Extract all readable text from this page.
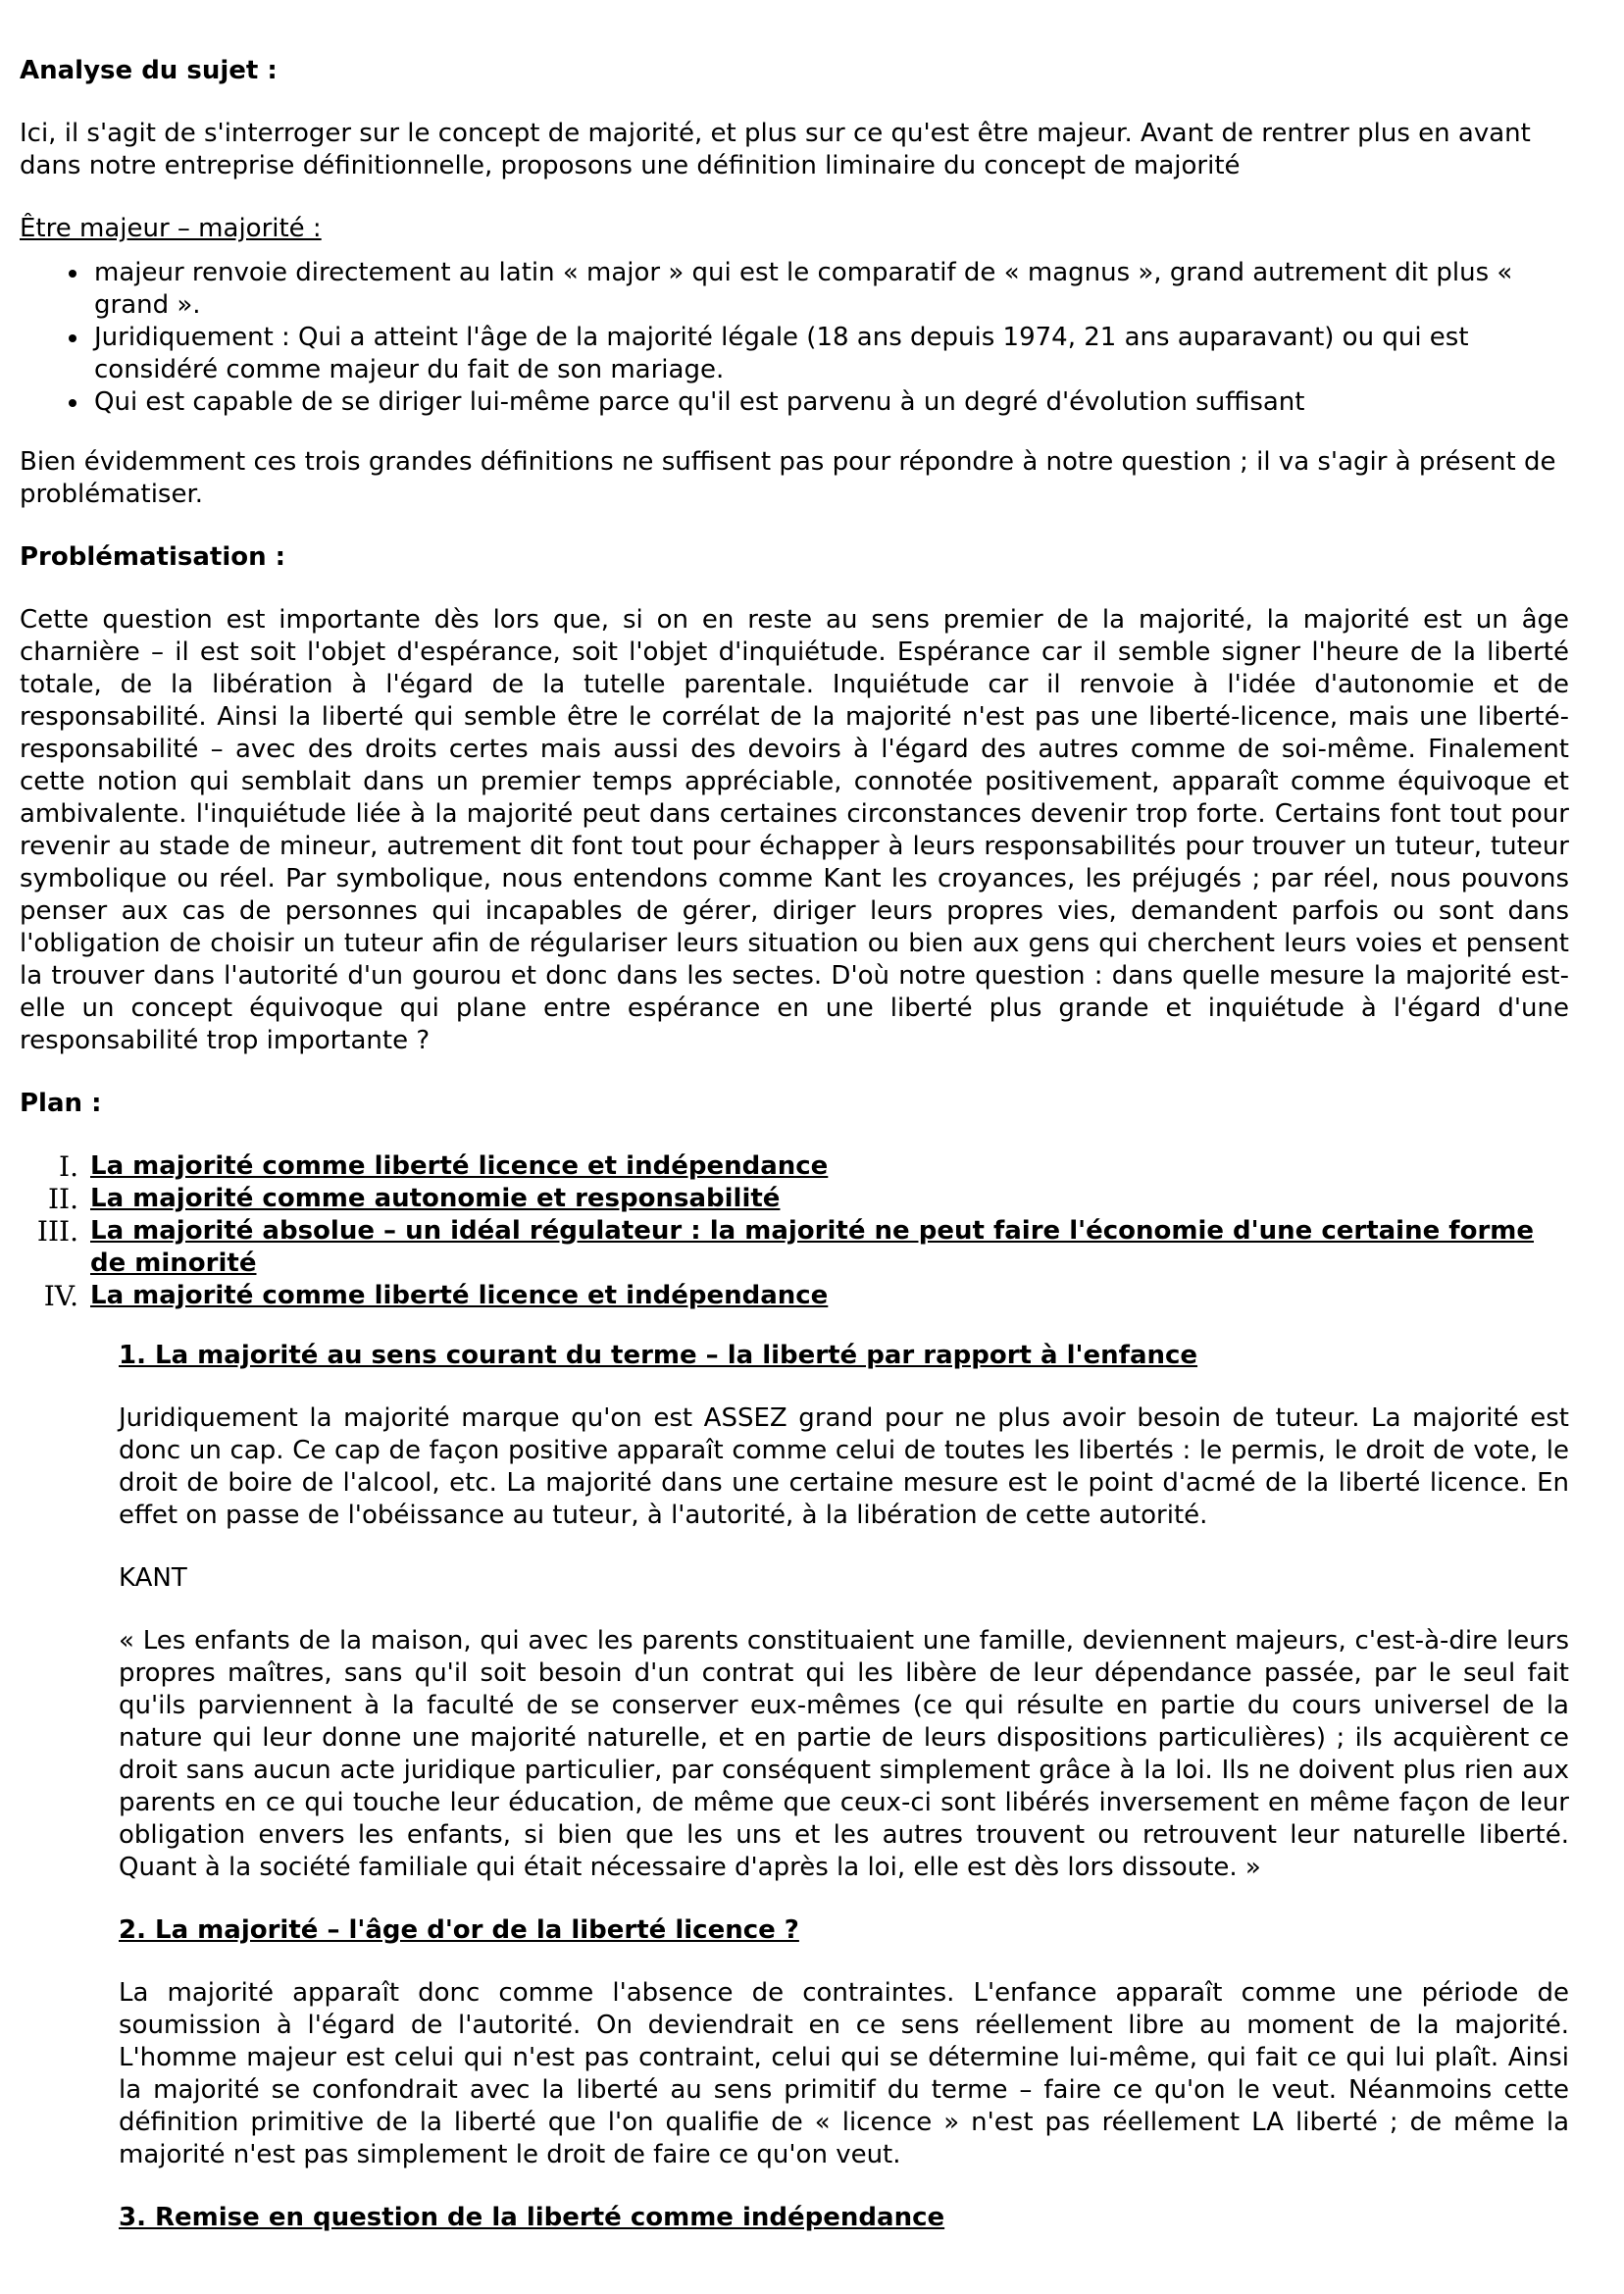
Analyse du sujet :

Ici, il s'agit de s'interroger sur le concept de majorité, et plus sur ce qu'est être majeur. Avant de rentrer plus en avant dans notre entreprise définitionnelle, proposons une définition liminaire du concept de majorité

Être majeur – majorité :
• majeur renvoie directement au latin « major » qui est le comparatif de « magnus », grand autrement dit plus « grand ».
• Juridiquement : Qui a atteint l'âge de la majorité légale (18 ans depuis 1974, 21 ans auparavant) ou qui est considéré comme majeur du fait de son mariage.
• Qui est capable de se diriger lui-même parce qu'il est parvenu à un degré d'évolution suffisant

Bien évidemment ces trois grandes définitions ne suffisent pas pour répondre à notre question ; il va s'agir à présent de problématiser.

Problématisation :

Cette question est importante dès lors que, si on en reste au sens premier de la majorité, la majorité est un âge charnière – il est soit l'objet d'espérance, soit l'objet d'inquiétude. Espérance car il semble signer l'heure de la liberté totale, de la libération à l'égard de la tutelle parentale. Inquiétude car il renvoie à l'idée d'autonomie et de responsabilité. Ainsi la liberté qui semble être le corrélat de la majorité n'est pas une liberté-licence, mais une liberté-responsabilité – avec des droits certes mais aussi des devoirs à l'égard des autres comme de soi-même. Finalement cette notion qui semblait dans un premier temps appréciable, connotée positivement, apparaît comme équivoque et ambivalente. l'inquiétude liée à la majorité peut dans certaines circonstances devenir trop forte. Certains font tout pour revenir au stade de mineur, autrement dit font tout pour échapper à leurs responsabilités pour trouver un tuteur, tuteur symbolique ou réel. Par symbolique, nous entendons comme Kant les croyances, les préjugés ; par réel, nous pouvons penser aux cas de personnes qui incapables de gérer, diriger leurs propres vies, demandent parfois ou sont dans l'obligation de choisir un tuteur afin de régulariser leurs situation ou bien aux gens qui cherchent leurs voies et pensent la trouver dans l'autorité d'un gourou et donc dans les sectes. D'où notre question : dans quelle mesure la majorité est-elle un concept équivoque qui plane entre espérance en une liberté plus grande et inquiétude à l'égard d'une responsabilité trop importante ?

Plan :
I. La majorité comme liberté licence et indépendance
II. La majorité comme autonomie et responsabilité
III. La majorité absolue – un idéal régulateur : la majorité ne peut faire l'économie d'une certaine forme de minorité
IV. La majorité comme liberté licence et indépendance
1. La majorité au sens courant du terme – la liberté par rapport à l'enfance

Juridiquement la majorité marque qu'on est ASSEZ grand pour ne plus avoir besoin de tuteur. La majorité est donc un cap. Ce cap de façon positive apparaît comme celui de toutes les libertés : le permis, le droit de vote, le droit de boire de l'alcool, etc. La majorité dans une certaine mesure est le point d'acmé de la liberté licence. En effet on passe de l'obéissance au tuteur, à l'autorité, à la libération de cette autorité.

KANT

« Les enfants de la maison, qui avec les parents constituaient une famille, deviennent majeurs, c'est-à-dire leurs propres maîtres, sans qu'il soit besoin d'un contrat qui les libère de leur dépendance passée, par le seul fait qu'ils parviennent à la faculté de se conserver eux-mêmes (ce qui résulte en partie du cours universel de la nature qui leur donne une majorité naturelle, et en partie de leurs dispositions particulières) ; ils acquièrent ce droit sans aucun acte juridique particulier, par conséquent simplement grâce à la loi. Ils ne doivent plus rien aux parents en ce qui touche leur éducation, de même que ceux-ci sont libérés inversement en même façon de leur obligation envers les enfants, si bien que les uns et les autres trouvent ou retrouvent leur naturelle liberté. Quant à la société familiale qui était nécessaire d'après la loi, elle est dès lors dissoute. »

2. La majorité – l'âge d'or de la liberté licence ?

La majorité apparaît donc comme l'absence de contraintes. L'enfance apparaît comme une période de soumission à l'égard de l'autorité. On deviendrait en ce sens réellement libre au moment de la majorité. L'homme majeur est celui qui n'est pas contraint, celui qui se détermine lui-même, qui fait ce qui lui plaît. Ainsi la majorité se confondrait avec la liberté au sens primitif du terme – faire ce qu'on le veut. Néanmoins cette définition primitive de la liberté que l'on qualifie de « licence » n'est pas réellement LA liberté ; de même la majorité n'est pas simplement le droit de faire ce qu'on veut.

3. Remise en question de la liberté comme indépendance
